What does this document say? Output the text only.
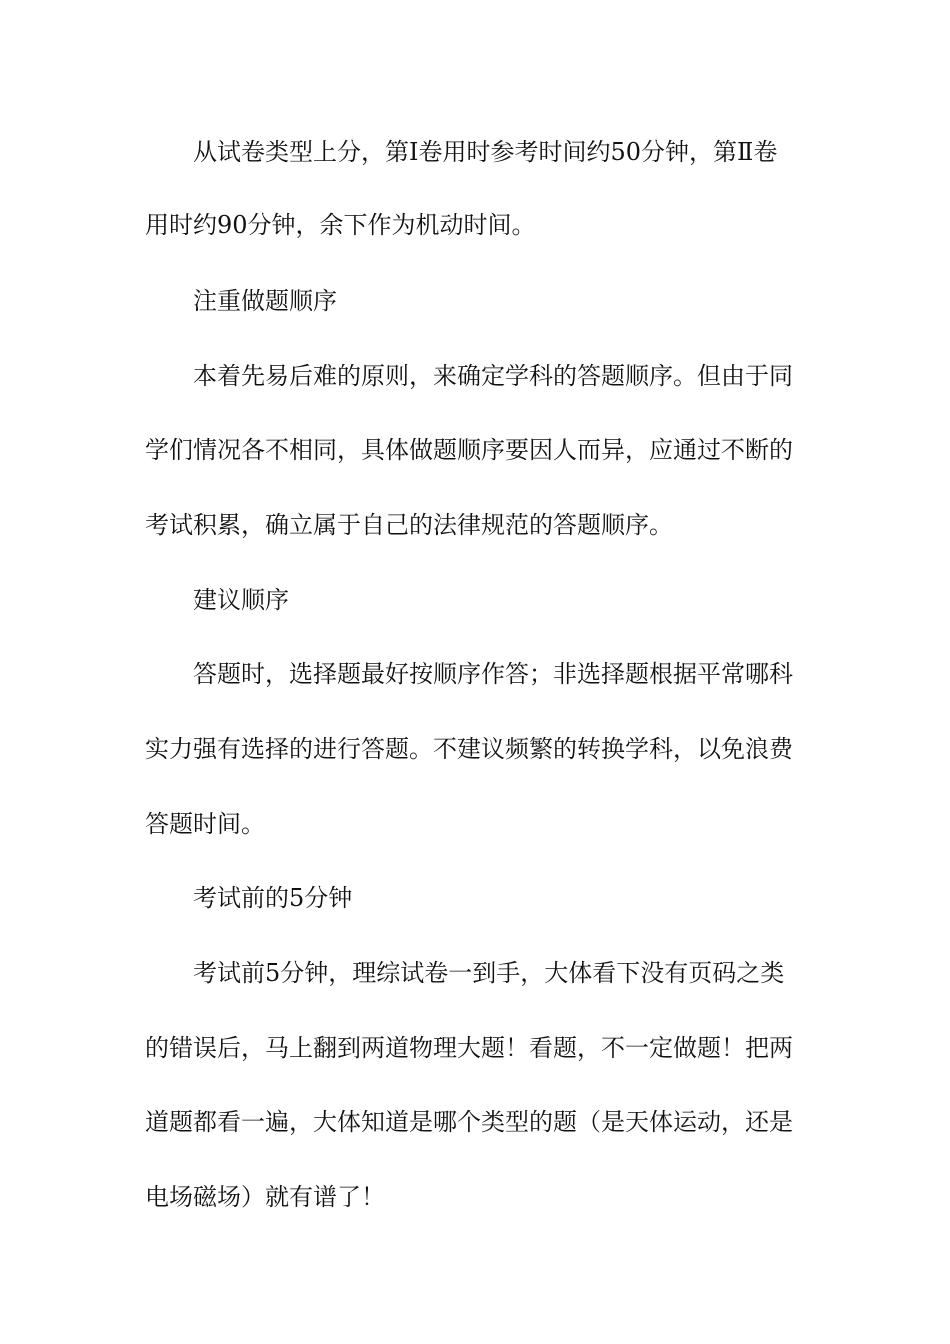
从试卷类型上分，第Ⅰ卷用时参考时间约50分钟，第Ⅱ卷
用时约90分钟，余下作为机动时间。
注重做题顺序
本着先易后难的原则，来确定学科的答题顺序。但由于同
学们情况各不相同，具体做题顺序要因人而异，应通过不断的
考试积累，确立属于自己的法律规范的答题顺序。
建议顺序
答题时，选择题最好按顺序作答；非选择题根据平常哪科
实力强有选择的进行答题。不建议频繁的转换学科，以免浪费
答题时间。
考试前的5分钟
考试前5分钟，理综试卷一到手，大体看下没有页码之类
的错误后，马上翻到两道物理大题！看题，不一定做题！把两
道题都看一遍，大体知道是哪个类型的题（是天体运动，还是
电场磁场）就有谱了！
